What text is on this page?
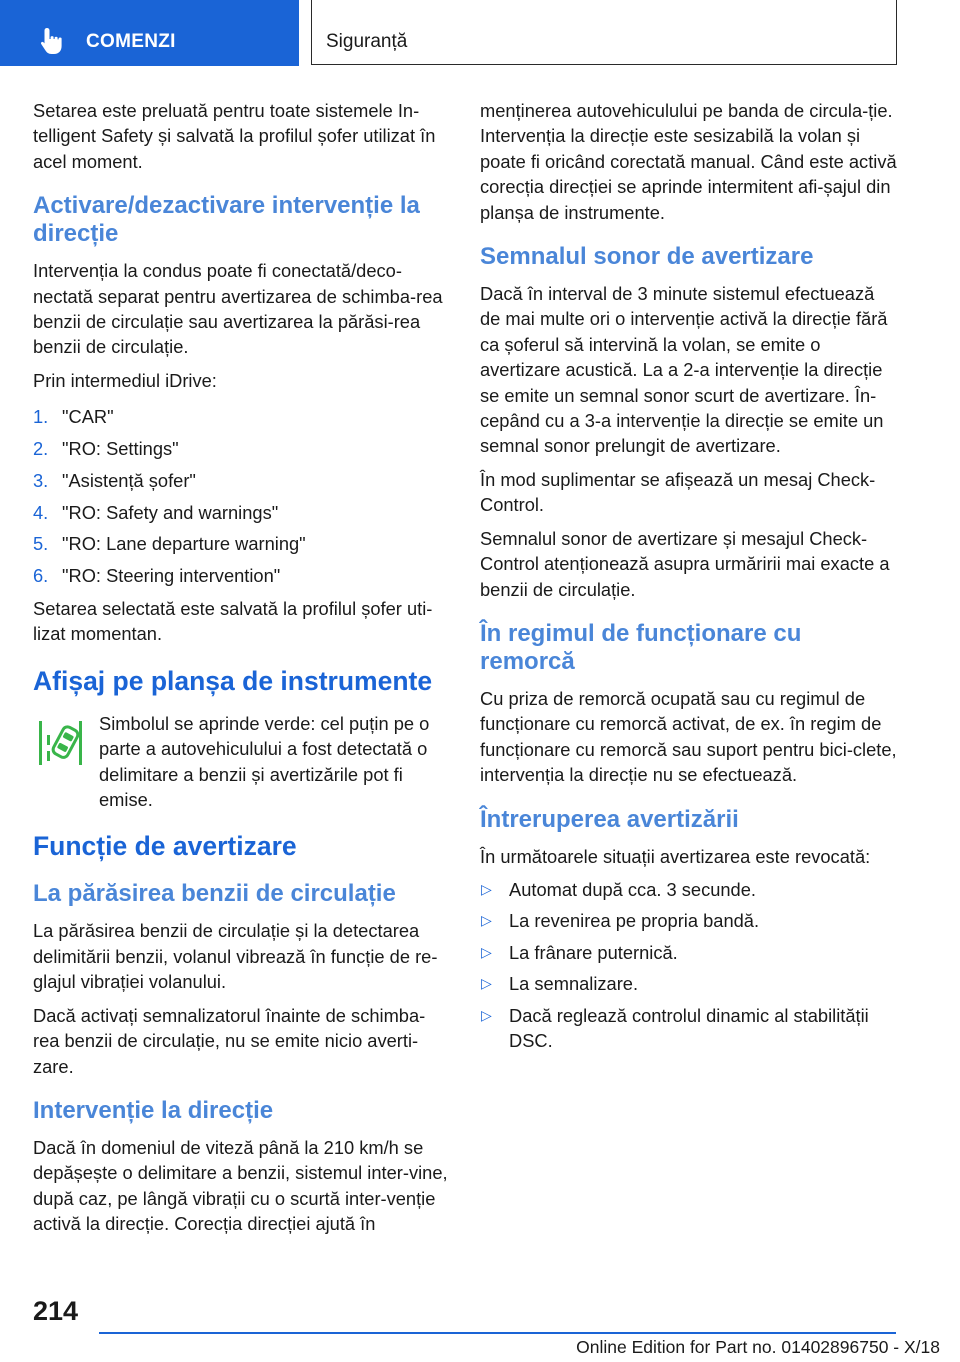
COMENZI	Siguranță

Setarea este preluată pentru toate sistemele In-telligent Safety și salvată la profilul șofer utilizat în acel moment.

Activare/dezactivare intervenție la direcție

Intervenția la condus poate fi conectată/deco-nectată separat pentru avertizarea de schimba-rea benzii de circulație sau avertizarea la părăsi-rea benzii de circulație.

Prin intermediul iDrive:

1. "CAR"
2. "RO: Settings"
3. "Asistență șofer"
4. "RO: Safety and warnings"
5. "RO: Lane departure warning"
6. "RO: Steering intervention"

Setarea selectată este salvată la profilul șofer uti-lizat momentan.

Afișaj pe planșa de instrumente

Simbolul se aprinde verde: cel puțin pe o parte a autovehiculului a fost detectată o delimitare a benzii și avertizările pot fi emise.

Funcție de avertizare
La părăsirea benzii de circulație

La părăsirea benzii de circulație și la detectarea delimitării benzii, volanul vibrează în funcție de re-glajul vibrației volanului.

Dacă activați semnalizatorul înainte de schimba-rea benzii de circulație, nu se emite nicio averti-zare.

Intervenție la direcție

Dacă în domeniul de viteză până la 210 km/h se depășește o delimitare a benzii, sistemul inter-vine, după caz, pe lângă vibrații cu o scurtă inter-venție activă la direcție. Corecția direcției ajută în

menținerea autovehiculului pe banda de circula-ție. Intervenția la direcție este sesizabilă la volan și poate fi oricând corectată manual. Când este activă corecția direcției se aprinde intermitent afi-șajul din planșa de instrumente.

Semnalul sonor de avertizare

Dacă în interval de 3 minute sistemul efectuează de mai multe ori o intervenție activă la direcție fără ca șoferul să intervină la volan, se emite o avertizare acustică. La a 2-a intervenție la direcție se emite un semnal sonor scurt de avertizare. În-cepând cu a 3-a intervenție la direcție se emite un semnal sonor prelungit de avertizare.

În mod suplimentar se afișează un mesaj Check-Control.

Semnalul sonor de avertizare și mesajul Check-Control atenționează asupra urmăririi mai exacte a benzii de circulație.

În regimul de funcționare cu remorcă

Cu priza de remorcă ocupată sau cu regimul de funcționare cu remorcă activat, de ex. în regim de funcționare cu remorcă sau suport pentru bici-clete, intervenția la direcție nu se efectuează.

Întreruperea avertizării

În următoarele situații avertizarea este revocată:

▷ Automat după cca. 3 secunde.
▷ La revenirea pe propria bandă.
▷ La frânare puternică.
▷ La semnalizare.
▷ Dacă reglează controlul dinamic al stabilității DSC.
214
Online Edition for Part no. 01402896750 - X/18
